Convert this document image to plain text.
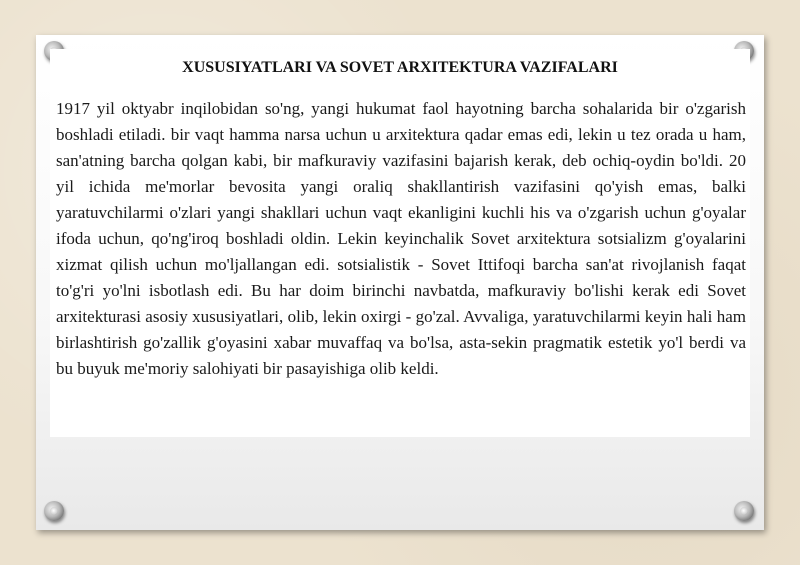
XUSUSIYATLARI VA SOVET ARXITEKTURA VAZIFALARI

1917 yil oktyabr inqilobidan so'ng, yangi hukumat faol hayotning barcha sohalarida bir o'zgarish boshladi etiladi. bir vaqt hamma narsa uchun u arxitektura qadar emas edi, lekin u tez orada u ham, san'atning barcha qolgan kabi, bir mafkuraviy vazifasini bajarish kerak, deb ochiq-oydin bo'ldi. 20 yil ichida me'morlar bevosita yangi oraliq shakllantirish vazifasini qo'yish emas, balki yaratuvchilarmi o'zlari yangi shakllari uchun vaqt ekanligini kuchli his va o'zgarish uchun g'oyalar ifoda uchun, qo'ng'iroq boshladi oldin. Lekin keyinchalik Sovet arxitektura sotsializm g'oyalarini xizmat qilish uchun mo'ljallangan edi. sotsialistik - Sovet Ittifoqi barcha san'at rivojlanish faqat to'g'ri yo'lni isbotlash edi. Bu har doim birinchi navbatda, mafkuraviy bo'lishi kerak edi Sovet arxitekturasi asosiy xususiyatlari, olib, lekin oxirgi - go'zal. Avvaliga, yaratuvchilarmi keyin hali ham birlashtirish go'zallik g'oyasini xabar muvaffaq va bo'lsa, asta-sekin pragmatik estetik yo'l berdi va bu buyuk me'moriy salohiyati bir pasayishiga olib keldi.
